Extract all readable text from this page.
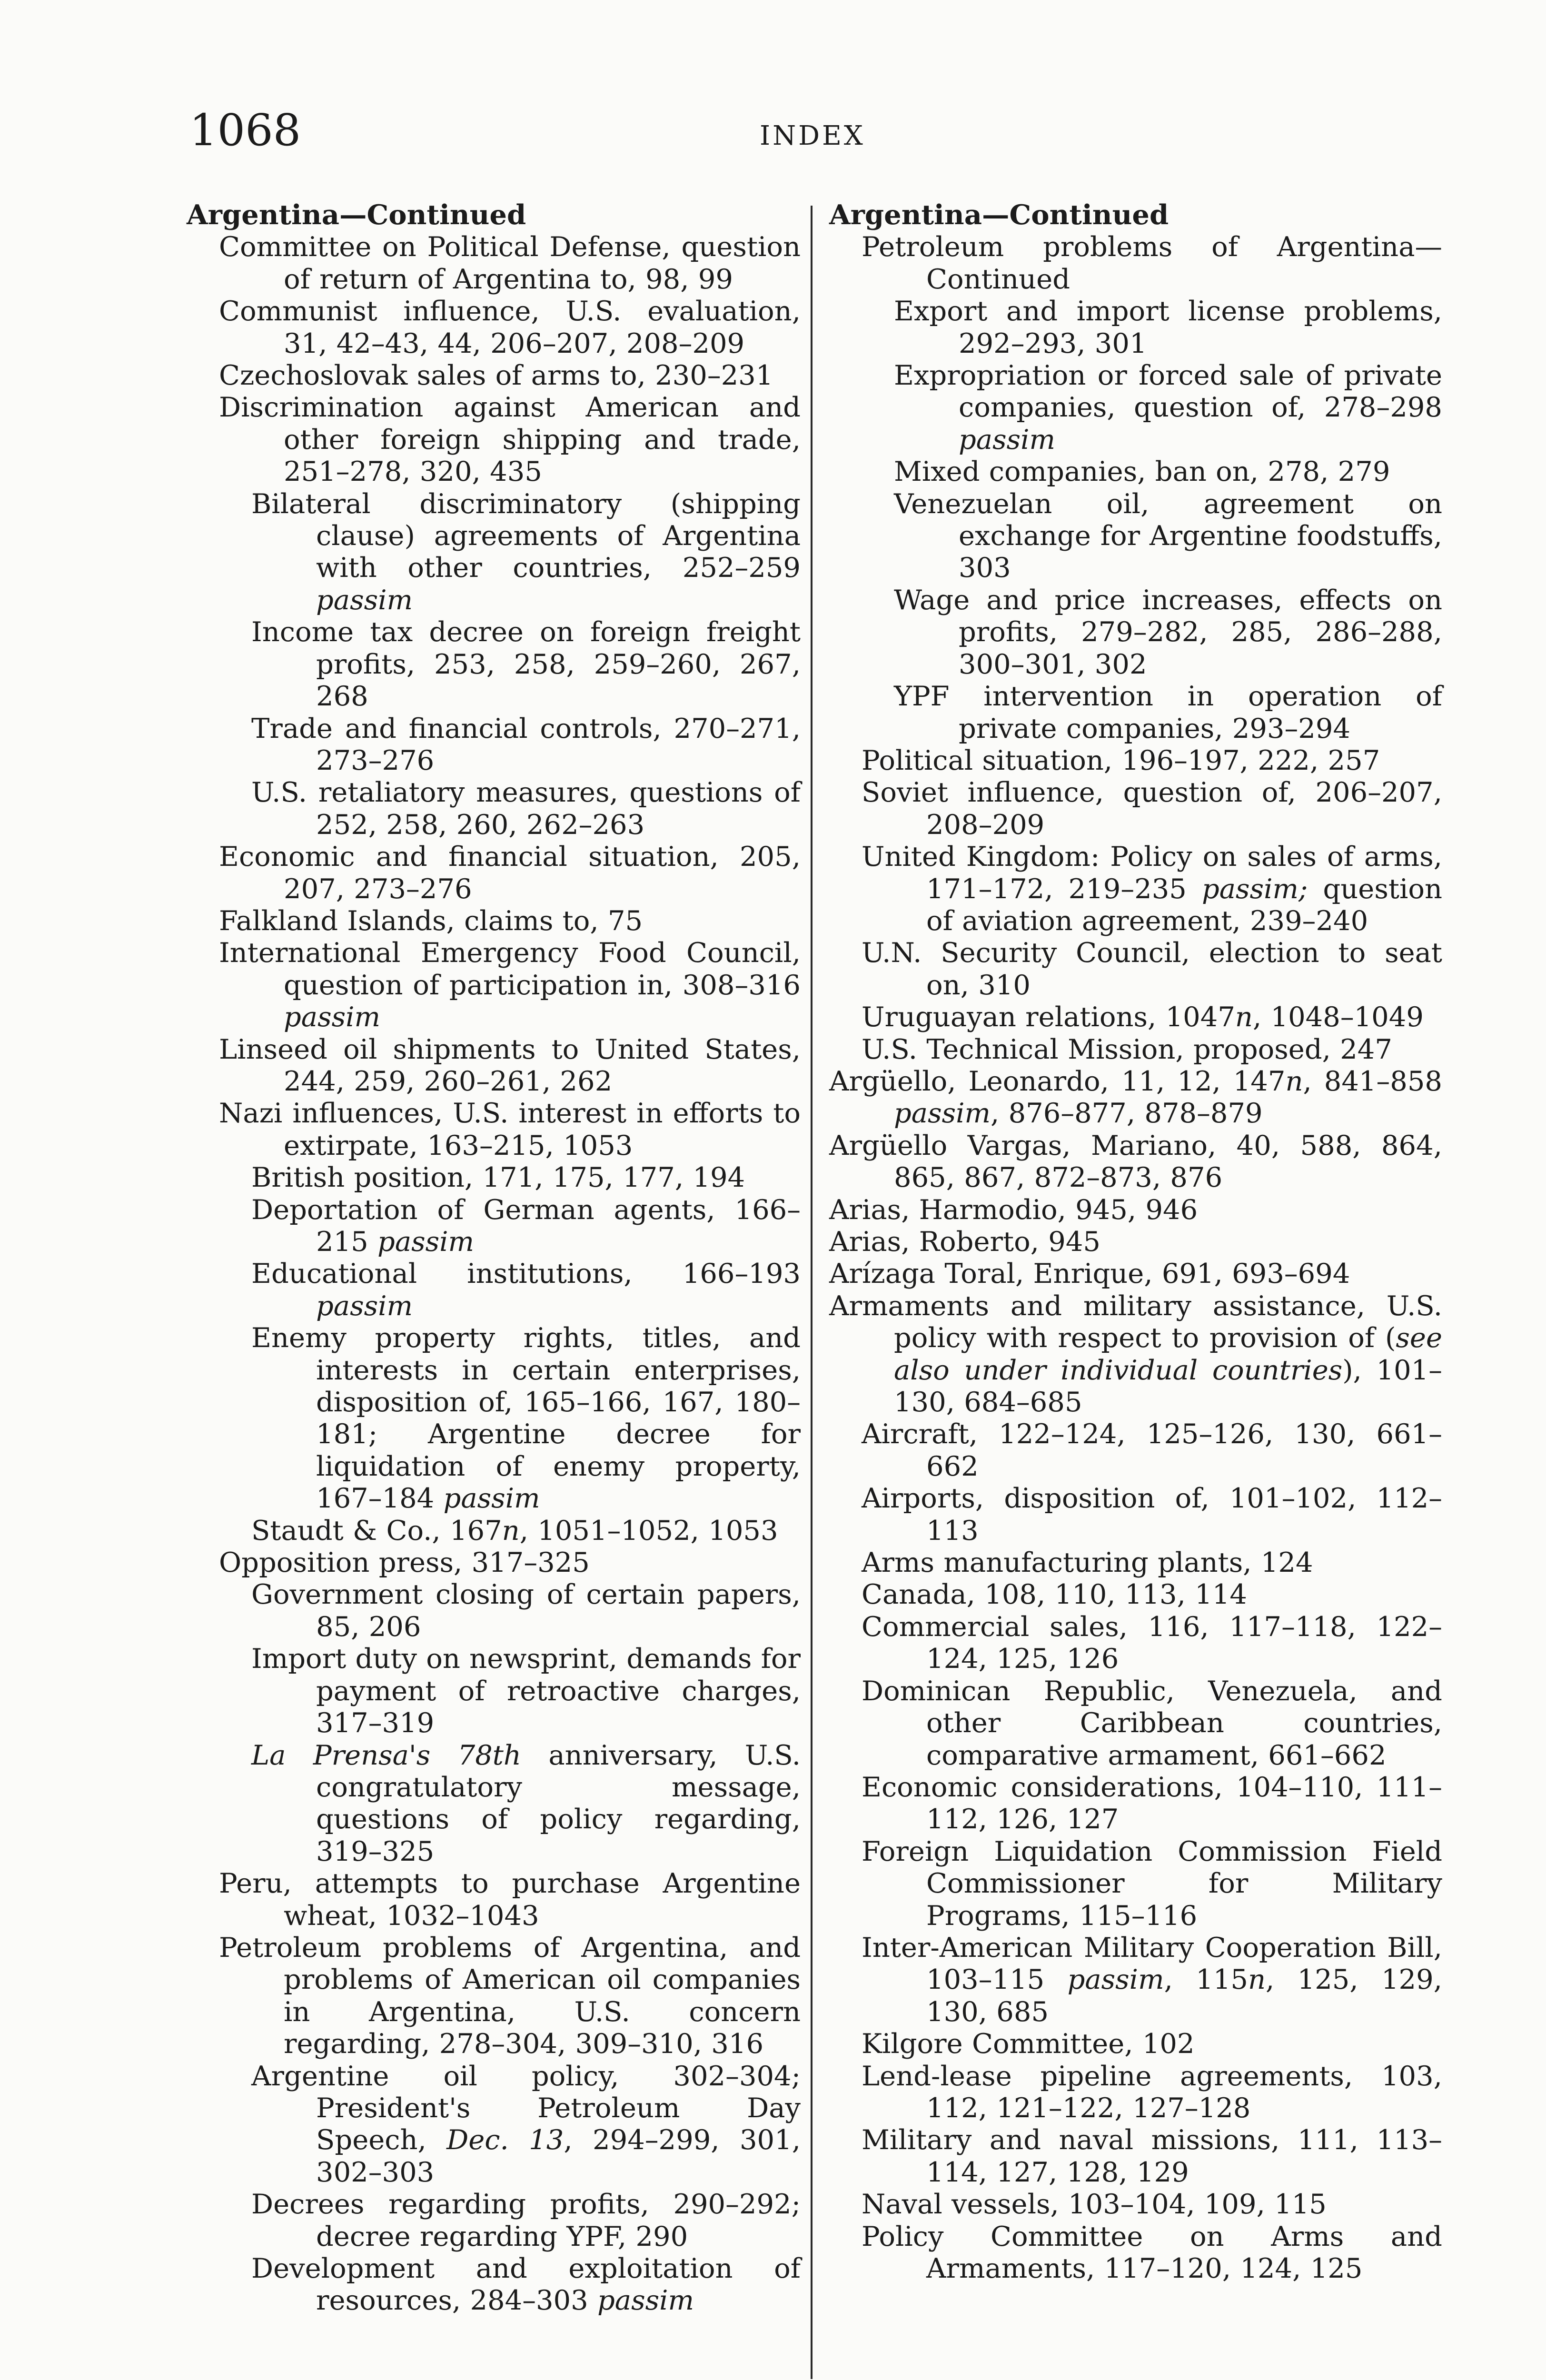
1068	INDEX
Argentina—Continued
Committee on Political Defense, question of return of Argentina to, 98, 99
Communist influence, U.S. evaluation, 31, 42–43, 44, 206–207, 208–209
Czechoslovak sales of arms to, 230–231
Discrimination against American and other foreign shipping and trade, 251–278, 320, 435
Bilateral discriminatory (shipping clause) agreements of Argentina with other countries, 252–259 passim
Income tax decree on foreign freight profits, 253, 258, 259–260, 267, 268
Trade and financial controls, 270–271, 273–276
U.S. retaliatory measures, questions of 252, 258, 260, 262–263
Economic and financial situation, 205, 207, 273–276
Falkland Islands, claims to, 75
International Emergency Food Council, question of participation in, 308–316 passim
Linseed oil shipments to United States, 244, 259, 260–261, 262
Nazi influences, U.S. interest in efforts to extirpate, 163–215, 1053
British position, 171, 175, 177, 194
Deportation of German agents, 166–215 passim
Educational institutions, 166–193 passim
Enemy property rights, titles, and interests in certain enterprises, disposition of, 165–166, 167, 180–181; Argentine decree for liquidation of enemy property, 167–184 passim
Staudt & Co., 167n, 1051–1052, 1053
Opposition press, 317–325
Government closing of certain papers, 85, 206
Import duty on newsprint, demands for payment of retroactive charges, 317–319
La Prensa's 78th anniversary, U.S. congratulatory message, questions of policy regarding, 319–325
Peru, attempts to purchase Argentine wheat, 1032–1043
Petroleum problems of Argentina, and problems of American oil companies in Argentina, U.S. concern regarding, 278–304, 309–310, 316
Argentine oil policy, 302–304; President's Petroleum Day Speech, Dec. 13, 294–299, 301, 302–303
Decrees regarding profits, 290–292; decree regarding YPF, 290
Development and exploitation of resources, 284–303 passim
Argentina—Continued
Petroleum problems of Argentina—Continued
Export and import license problems, 292–293, 301
Expropriation or forced sale of private companies, question of, 278–298 passim
Mixed companies, ban on, 278, 279
Venezuelan oil, agreement on exchange for Argentine foodstuffs, 303
Wage and price increases, effects on profits, 279–282, 285, 286–288, 300–301, 302
YPF intervention in operation of private companies, 293–294
Political situation, 196–197, 222, 257
Soviet influence, question of, 206–207, 208–209
United Kingdom: Policy on sales of arms, 171–172, 219–235 passim; question of aviation agreement, 239–240
U.N. Security Council, election to seat on, 310
Uruguayan relations, 1047n, 1048–1049
U.S. Technical Mission, proposed, 247
Argüello, Leonardo, 11, 12, 147n, 841–858 passim, 876–877, 878–879
Argüello Vargas, Mariano, 40, 588, 864, 865, 867, 872–873, 876
Arias, Harmodio, 945, 946
Arias, Roberto, 945
Arízaga Toral, Enrique, 691, 693–694
Armaments and military assistance, U.S. policy with respect to provision of (see also under individual countries), 101–130, 684–685
Aircraft, 122–124, 125–126, 130, 661–662
Airports, disposition of, 101–102, 112–113
Arms manufacturing plants, 124
Canada, 108, 110, 113, 114
Commercial sales, 116, 117–118, 122–124, 125, 126
Dominican Republic, Venezuela, and other Caribbean countries, comparative armament, 661–662
Economic considerations, 104–110, 111–112, 126, 127
Foreign Liquidation Commission Field Commissioner for Military Programs, 115–116
Inter-American Military Cooperation Bill, 103–115 passim, 115n, 125, 129, 130, 685
Kilgore Committee, 102
Lend-lease pipeline agreements, 103, 112, 121–122, 127–128
Military and naval missions, 111, 113–114, 127, 128, 129
Naval vessels, 103–104, 109, 115
Policy Committee on Arms and Armaments, 117–120, 124, 125
